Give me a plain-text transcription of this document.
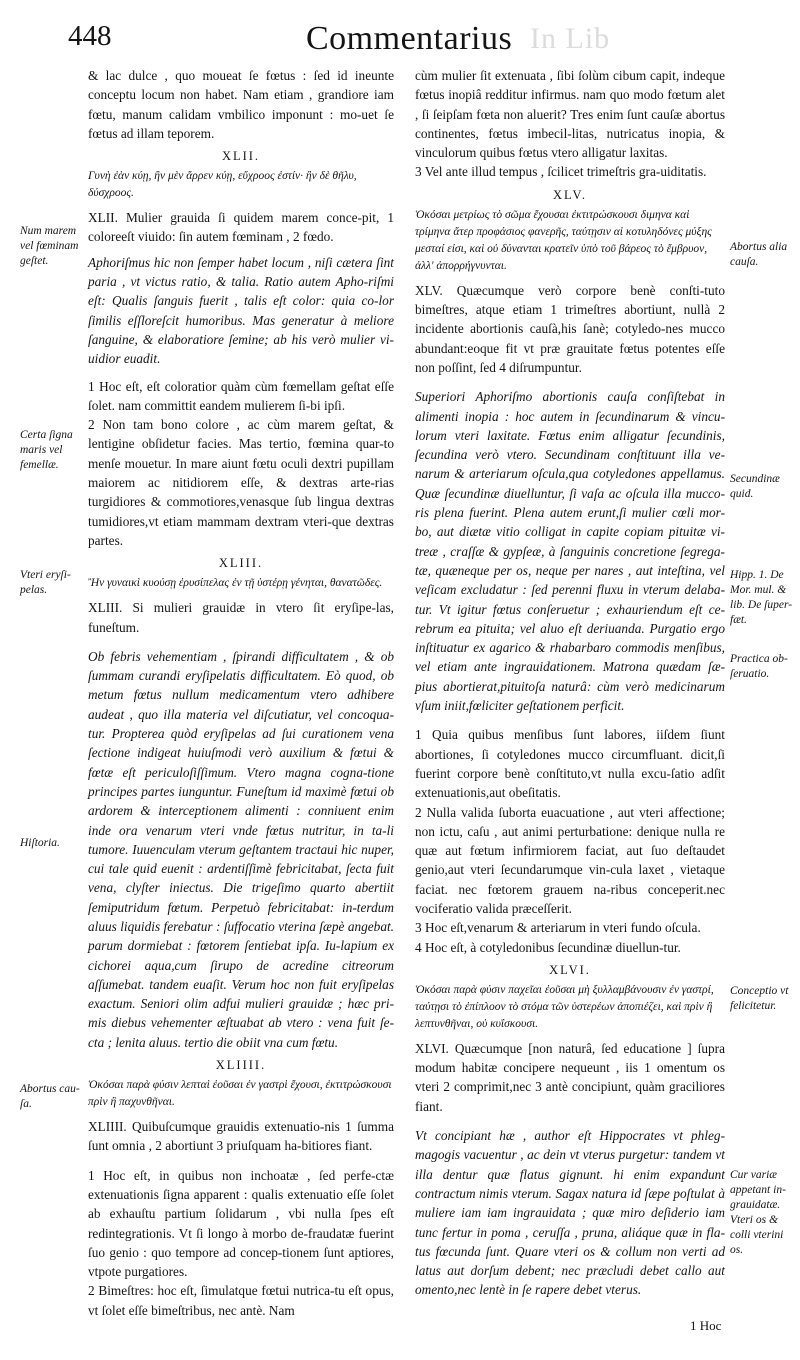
448	Commentarius In Lib

& lac dulce , quo moueat ſe fœtus : ſed id ineunte conceptu locum non habet. Nam etiam , grandiore iam fœtu, manum calidam vmbilico imponunt : mo-uet ſe fœtus ad illam teporem.

XLII.

Γυνὴ ἐὰν κύῃ, ἢν μὲν ἄρρεν κύῃ, εὔχροος ἐστίν· ἢν δὲ θῆλυ, δύσχροος.

XLII. Mulier grauida ſi quidem marem conce-pit, 1 coloreeſt viuido: ſin autem fœminam , 2 fœdo.

Aphoriſmus hic non ſemper habet locum , niſi cætera ſint paria , vt victus ratio, & talia. Ratio autem Apho-riſmi eſt: Qualis ſanguis fuerit , talis eſt color: quia co-lor ſimilis eſſloreſcit humoribus. Mas generatur à meliore ſanguine, & elaboratiore ſemine; ab his verò mulier vi-uidior euadit.

1 Hoc eſt, eſt coloratior quàm cùm fœmellam geſtat eſſe ſolet. nam committit eandem mulierem ſi-bi ipſi.

2 Non tam bono colore , ac cùm marem geſtat, & lentigine obſidetur facies. Mas tertio, fœmina quar-to menſe mouetur. In mare aiunt fœtu oculi dextri pupillam maiorem ac nitidiorem eſſe, & dextras arte-rias turgidiores & commotiores,venasque ſub lingua dextras tumidiores,vt etiam mammam dextram vteri-que dextras partes.

XLIII.

Ἢν γυναικὶ κυούσῃ ἐρυσίπελας ἐν τῇ ὑστέρῃ γένηται, θανατῶδες.

XLIII. Si mulieri grauidæ in vtero ſit eryſipe-las, funeſtum.

Ob febris vehementiam , ſpirandi difficultatem , & ob ſummam curandi eryſipelatis difficultatem. Eò quod, ob metum fœtus nullum medicamentum vtero adhibere audeat , quo illa materia vel diſcutiatur, vel concoqua-tur. Propterea quòd eryſipelas ad ſui curationem vena ſectione indigeat huiuſmodi verò auxilium & fœtui & fœtæ eſt periculoſiſſimum. Vtero magna cogna-tione principes partes iunguntur. Funeſtum id maximè fœtui ob ardorem & interceptionem alimenti : conniuent enim inde ora venarum vteri vnde fœtus nutritur, in ta-li tumore. Iuuenculam vterum geſtantem tractaui hic nuper, cui tale quid euenit : ardentiſſimè febricitabat, ſecta fuit vena, clyſter iniectus. Die trigeſimo quarto abertiit ſemiputridum fœtum. Perpetuò febricitabat: in-terdum aluus liquidis ferebatur : ſuffocatio vterina ſæpè angebat. parum dormiebat : fœtorem ſentiebat ipſa. Iu-lapium ex cichorei aqua,cum ſirupo de acredine citreorum aſſumebat. tandem euaſit. Verum hoc non fuit eryſipelas exactum. Seniori olim adfui mulieri grauidæ ; hæc pri-mis diebus vehementer æſtuabat ab vtero : vena fuit ſe-cta ; lenita aluus. tertio die obiit vna cum fœtu.

XLIIII.

Ὁκόσαι παρὰ φύσιν λεπταὶ ἐοῦσαι ἐν γαστρὶ ἔχουσι, ἐκτιτρώσκουσι πρὶν ἢ παχυνθῆναι.

XLIIII. Quibuſcumque grauidis extenuatio-nis 1 ſumma ſunt omnia , 2 abortiunt 3 priuſquam ha-bitiores fiant.

1 Hoc eſt, in quibus non inchoatæ , ſed perfe-ctæ extenuationis ſigna apparent : qualis extenuatio eſſe ſolet ab exhauſtu partium ſolidarum , vbi nulla ſpes eſt redintegrationis. Vt ſi longo à morbo de-fraudatæ fuerint ſuo genio : quo tempore ad concep-tionem ſunt aptiores, vtpote purgatiores.

2 Bimeſtres: hoc eſt, ſimulatque fœtui nutrica-tu eſt opus, vt ſolet eſſe bimeſtribus, nec antè. Nam

cùm mulier ſit extenuata , ſibi ſolùm cibum capit, indeque fœtus inopiâ redditur infirmus. nam quo modo fœtum alet , ſi ſeipſam fœta non aluerit? Tres enim ſunt cauſæ abortus continentes, fœtus imbecil-litas, nutricatus inopia, & vinculorum quibus fœtus vtero alligatur laxitas.

3 Vel ante illud tempus , ſcilicet trimeſtris gra-uiditatis.

XLV.

Ὁκόσαι μετρίως τὸ σῶμα ἔχουσαι ἐκτιτρώσκουσι διμηνα καὶ τρίμηνα ἄτερ προφάσιος φανερῆς, ταύτῃσιν αἱ κοτυληδόνες μύξης μεσταί εἰσι, καὶ οὐ δύνανται κρατεῖν ὑπὸ τοῦ βάρεος τὸ ἔμβρυον, ἀλλ' ἀπορρήγνυνται.

XLV. Quæcumque verò corpore benè conſti-tuto bimeſtres, atque etiam 1 trimeſtres abortiunt, nullà 2 incidente abortionis cauſà,his ſanè; cotyledo-nes mucco abundant:eoque fit vt præ grauitate fœtus potentes eſſe non poſſint, ſed 4 diſrumpuntur.

Superiori Aphoriſmo abortionis cauſa conſiſtebat in alimenti inopia : hoc autem in ſecundinarum & vincu-lorum vteri laxitate. Fœtus enim alligatur ſecundinis, ſecundina verò vtero. Secundinam conſtituunt illa ve-narum & arteriarum oſcula,qua cotyledones appellamus. Quæ ſecundinæ diuelluntur, ſi vaſa ac oſcula illa mucco-ris plena fuerint. Plena autem erunt,ſi mulier cœli mor-bo, aut diætæ vitio colligat in capite copiam pituitæ vi-treæ , craſſæ & gypſeæ, à ſanguinis concretione ſegrega-tæ, quæneque per os, neque per nares , aut inteſtina, vel veſicam excludatur : ſed perenni fluxu in vterum delaba-tur. Vt igitur fœtus conſeruetur ; exhauriendum eſt ce-rebrum ea pituita; vel aluo eſt deriuanda. Purgatio ergo inſtituatur ex agarico & rhabarbaro commodis menſibus, vel etiam ante ingrauidationem. Matrona quædam ſæ-pius abortierat,pituitoſa naturâ: cùm verò medicinarum vſum iniit,fœliciter geſtationem perficit.

1 Quia quibus menſibus ſunt labores, iiſdem ſiunt abortiones, ſi cotyledones mucco circumfluant. dicit,ſi fuerint corpore benè conſtituto,vt nulla excu-ſatio adſit extenuationis,aut obeſitatis.

2 Nulla valida ſuborta euacuatione , aut vteri affectione; non ictu, caſu , aut animi perturbatione: denique nulla re quæ aut fœtum infirmiorem faciat, aut ſuo deſtaudet genio,aut vteri ſecundarumque vin-cula laxet , vietaque faciat. nec fœtorem grauem na-ribus conceperit.nec vociferatio valida præceſſerit.

3 Hoc eſt,venarum & arteriarum in vteri fundo oſcula.

4 Hoc eſt, à cotyledonibus ſecundinæ diuellun-tur.

XLVI.

Ὁκόσαι παρὰ φύσιν παχεῖαι ἐοῦσαι μὴ ξυλλαμβάνουσιν ἐν γαστρί, ταύτῃσι τὸ ἐπίπλοον τὸ στόμα τῶν ὑστερέων ἀποπιέζει, καὶ πρὶν ἢ λεπτυνθῆναι, οὐ κυΐσκουσι.

XLVI. Quæcumque [non naturâ, ſed educatione ] ſupra modum habitæ concipere nequeunt , iis 1 omentum os vteri 2 comprimit,nec 3 antè concipiunt, quàm graciliores fiant.

Vt concipiant hæ , author eſt Hippocrates vt phleg-magogis vacuentur , ac dein vt vterus purgetur: tandem vt illa dentur quæ flatus gignunt. hi enim expandunt contractum nimis vterum. Sagax natura id ſæpe poſtulat à muliere iam iam ingrauidata ; quæ miro deſiderio iam tunc fertur in poma , ceruſſa , pruna, aliáque quæ in fla-tus fœcunda ſunt. Quare vteri os & collum non verti ad latus aut dorſum debent; nec præcludi debet callo aut omento,nec lentè in ſe rapere debet vterus.

1 Hoc
Num marem vel fœminam geſtet.
Certa ſigna maris vel femellæ.
Vteri eryſi-pelas.
Hiſtoria.
Abortus cau-ſa.
Abortus alia cauſa.
Secundinæ quid.
Hipp. 1. De Mor. mul. & lib. De ſuper-fæt.
Practica ob-ſeruatio.
Conceptio vt felicitetur.
Cur variæ appetant in-grauidatæ. Vteri os & colli vterini os.
